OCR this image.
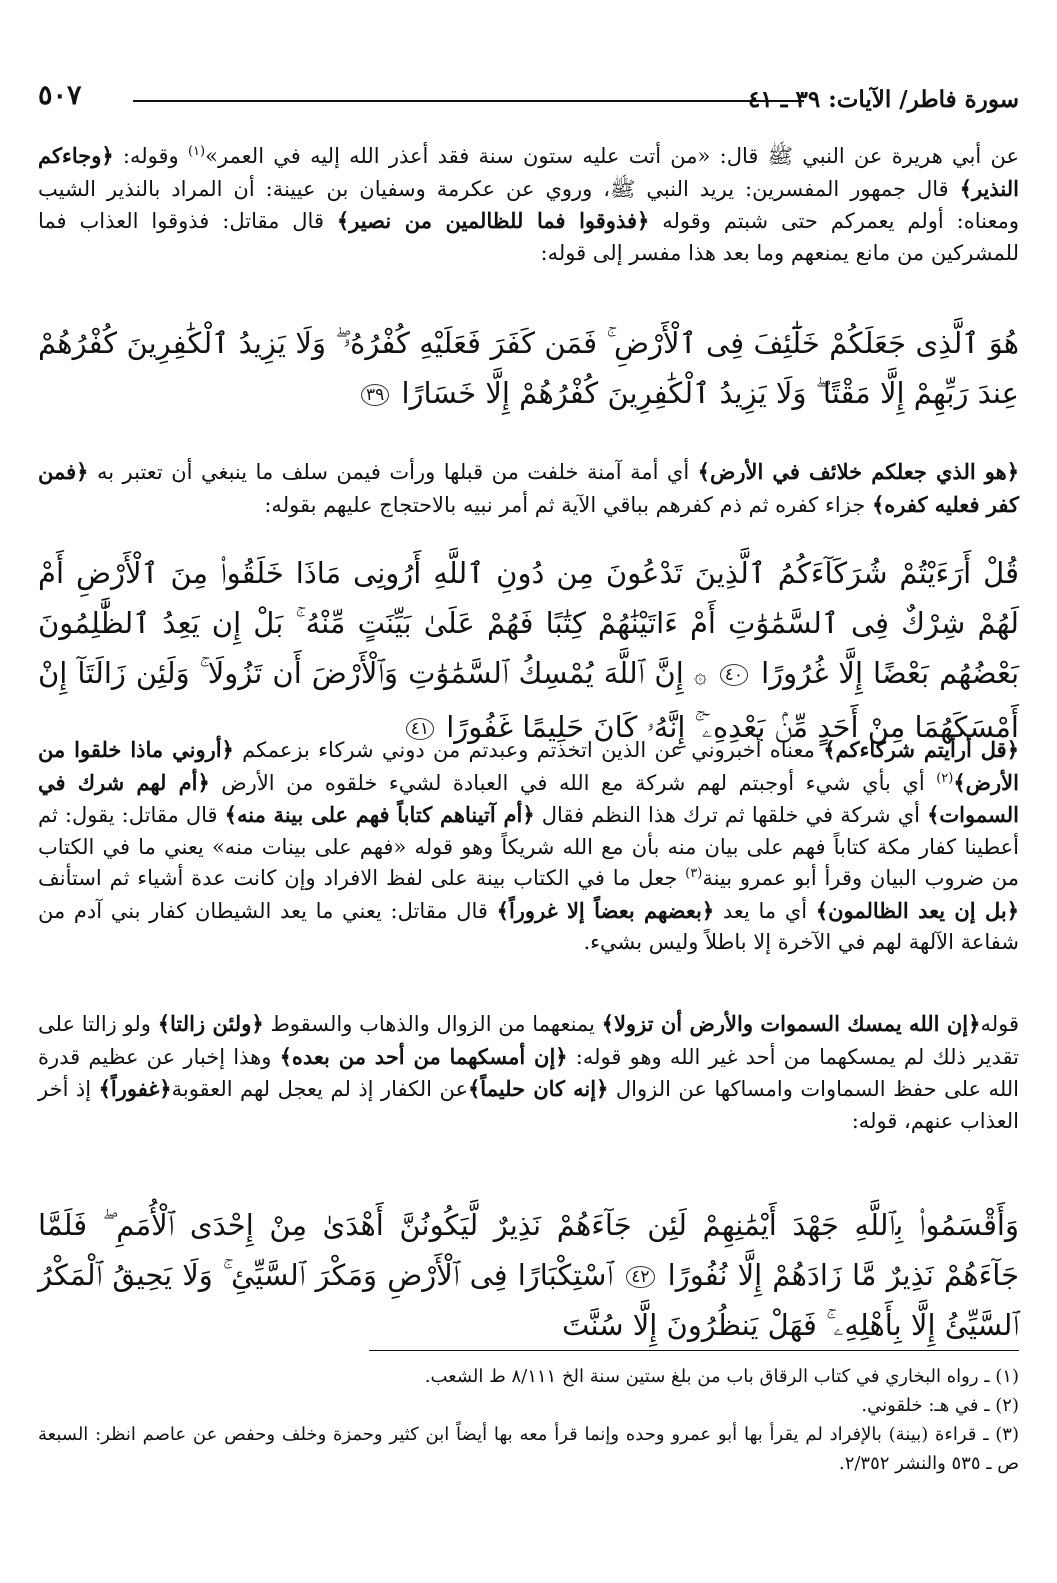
سورة فاطر/ الآيات: ٣٩ ـ ٤١
٥٠٧

عن أبي هريرة عن النبي ﷺ قال: «من أتت عليه ستون سنة فقد أعذر الله إليه في العمر»$^{(١)}$ وقوله: ﴿وجاءكم النذير﴾ قال جمهور المفسرين: يريد النبي ﷺ، وروي عن عكرمة وسفيان بن عيينة: أن المراد بالنذير الشيب ومعناه: أولم يعمركم حتى شبتم وقوله ﴿فذوقوا فما للظالمين من نصير﴾ قال مقاتل: فذوقوا العذاب فما للمشركين من مانع يمنعهم وما بعد هذا مفسر إلى قوله:

هُوَ ٱلَّذِى جَعَلَكُمْ خَلَٰٓئِفَ فِى ٱلْأَرْضِ ۚ فَمَن كَفَرَ فَعَلَيْهِ كُفْرُهُۥ ۖ وَلَا يَزِيدُ ٱلْكَٰفِرِينَ كُفْرُهُمْ عِندَ رَبِّهِمْ إِلَّا مَقْتًا ۖ وَلَا يَزِيدُ ٱلْكَٰفِرِينَ كُفْرُهُمْ إِلَّا خَسَارًا ٣٩

﴿هو الذي جعلكم خلائف في الأرض﴾ أي أمة آمنة خلفت من قبلها ورأت فيمن سلف ما ينبغي أن تعتبر به ﴿فمن كفر فعليه كفره﴾ جزاء كفره ثم ذم كفرهم بباقي الآية ثم أمر نبيه بالاحتجاج عليهم بقوله:

قُلْ أَرَءَيْتُمْ شُرَكَآءَكُمُ ٱلَّذِينَ تَدْعُونَ مِن دُونِ ٱللَّهِ أَرُونِى مَاذَا خَلَقُوا۟ مِنَ ٱلْأَرْضِ أَمْ لَهُمْ شِرْكٌ فِى ٱلسَّمَٰوَٰتِ أَمْ ءَاتَيْنَٰهُمْ كِتَٰبًا فَهُمْ عَلَىٰ بَيِّنَتٍ مِّنْهُ ۚ بَلْ إِن يَعِدُ ٱلظَّٰلِمُونَ بَعْضُهُم بَعْضًا إِلَّا غُرُورًا ٤٠ ۞ إِنَّ ٱللَّهَ يُمْسِكُ ٱلسَّمَٰوَٰتِ وَٱلْأَرْضَ أَن تَزُولَا ۚ وَلَئِن زَالَتَآ إِنْ أَمْسَكَهُمَا مِنْ أَحَدٍ مِّنۢ بَعْدِهِۦٓ ۚ إِنَّهُۥ كَانَ حَلِيمًا غَفُورًا ٤١

﴿قل أرأيتم شركاءكم﴾ معناه أخبروني عن الذين اتخذتم وعبدتم من دوني شركاء بزعمكم ﴿أروني ماذا خلقوا من الأرض﴾$^{(٢)}$ أي بأي شيء أوجبتم لهم شركة مع الله في العبادة لشيء خلقوه من الأرض ﴿أم لهم شرك في السموات﴾ أي شركة في خلقها ثم ترك هذا النظم فقال ﴿أم آتيناهم كتاباً فهم على بينة منه﴾ قال مقاتل: يقول: ثم أعطينا كفار مكة كتاباً فهم على بيان منه بأن مع الله شريكاً وهو قوله «فهم على بينات منه» يعني ما في الكتاب من ضروب البيان وقرأ أبو عمرو بينة$^{(٣)}$ جعل ما في الكتاب بينة على لفظ الافراد وإن كانت عدة أشياء ثم استأنف ﴿بل إن يعد الظالمون﴾ أي ما يعد ﴿بعضهم بعضاً إلا غروراً﴾ قال مقاتل: يعني ما يعد الشيطان كفار بني آدم من شفاعة الآلهة لهم في الآخرة إلا باطلاً وليس بشيء.

قوله﴿إن الله يمسك السموات والأرض أن تزولا﴾ يمنعهما من الزوال والذهاب والسقوط ﴿ولئن زالتا﴾ ولو زالتا على تقدير ذلك لم يمسكهما من أحد غير الله وهو قوله: ﴿إن أمسكهما من أحد من بعده﴾ وهذا إخبار عن عظيم قدرة الله على حفظ السماوات وامساكها عن الزوال ﴿إنه كان حليماً﴾عن الكفار إذ لم يعجل لهم العقوبة﴿غفوراً﴾ إذ أخر العذاب عنهم، قوله:

وَأَقْسَمُوا۟ بِٱللَّهِ جَهْدَ أَيْمَٰنِهِمْ لَئِن جَآءَهُمْ نَذِيرٌ لَّيَكُونُنَّ أَهْدَىٰ مِنْ إِحْدَى ٱلْأُمَمِ ۖ فَلَمَّا جَآءَهُمْ نَذِيرٌ مَّا زَادَهُمْ إِلَّا نُفُورًا ٤٢ ٱسْتِكْبَارًا فِى ٱلْأَرْضِ وَمَكْرَ ٱلسَّيِّئِ ۚ وَلَا يَحِيقُ ٱلْمَكْرُ ٱلسَّيِّئُ إِلَّا بِأَهْلِهِۦ ۚ فَهَلْ يَنظُرُونَ إِلَّا سُنَّتَ

(١) ـ رواه البخاري في كتاب الرقاق باب من بلغ ستين سنة الخ ٨/١١١ ط الشعب.

(٢) ـ في هـ: خلقوني.

(٣) ـ قراءة (بينة) بالإفراد لم يقرأ بها أبو عمرو وحده وإنما قرأ معه بها أيضاً ابن كثير وحمزة وخلف وحفص عن عاصم انظر: السبعة ص ـ ٥٣٥ والنشر ٢/٣٥٢.
